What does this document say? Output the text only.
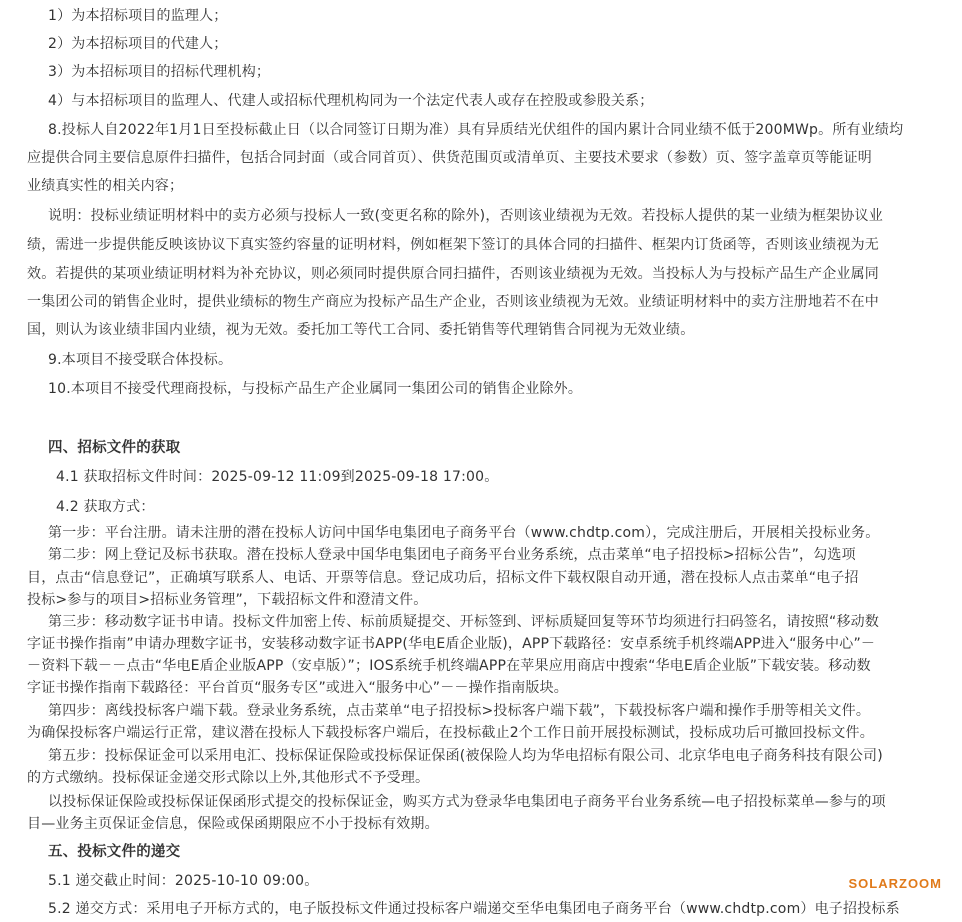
1）为本招标项目的监理人；
2）为本招标项目的代建人；
3）为本招标项目的招标代理机构；
4）与本招标项目的监理人、代建人或招标代理机构同为一个法定代表人或存在控股或参股关系；
8.投标人自2022年1月1日至投标截止日（以合同签订日期为准）具有异质结光伏组件的国内累计合同业绩不低于200MWp。所有业绩均
应提供合同主要信息原件扫描件，包括合同封面（或合同首页）、供货范围页或清单页、主要技术要求（参数）页、签字盖章页等能证明
业绩真实性的相关内容；
说明：投标业绩证明材料中的卖方必须与投标人一致(变更名称的除外)，否则该业绩视为无效。若投标人提供的某一业绩为框架协议业
绩，需进一步提供能反映该协议下真实签约容量的证明材料，例如框架下签订的具体合同的扫描件、框架内订货函等，否则该业绩视为无
效。若提供的某项业绩证明材料为补充协议，则必须同时提供原合同扫描件，否则该业绩视为无效。当投标人为与投标产品生产企业属同
一集团公司的销售企业时，提供业绩标的物生产商应为投标产品生产企业，否则该业绩视为无效。业绩证明材料中的卖方注册地若不在中
国，则认为该业绩非国内业绩，视为无效。委托加工等代工合同、委托销售等代理销售合同视为无效业绩。
9.本项目不接受联合体投标。
10.本项目不接受代理商投标，与投标产品生产企业属同一集团公司的销售企业除外。
四、招标文件的获取
4.1 获取招标文件时间：2025-09-12 11:09到2025-09-18 17:00。
4.2 获取方式：
第一步：平台注册。请未注册的潜在投标人访问中国华电集团电子商务平台（www.chdtp.com），完成注册后，开展相关投标业务。
第二步：网上登记及标书获取。潜在投标人登录中国华电集团电子商务平台业务系统，点击菜单“电子招投标>招标公告”，勾选项
目，点击“信息登记”，正确填写联系人、电话、开票等信息。登记成功后，招标文件下载权限自动开通，潜在投标人点击菜单“电子招
投标>参与的项目>招标业务管理”，下载招标文件和澄清文件。
第三步：移动数字证书申请。投标文件加密上传、标前质疑提交、开标签到、评标质疑回复等环节均须进行扫码签名，请按照“移动数
字证书操作指南”申请办理数字证书，安装移动数字证书APP(华电E盾企业版)，APP下载路径：安卓系统手机终端APP进入“服务中心”－
－资料下载－－点击“华电E盾企业版APP（安卓版）”；IOS系统手机终端APP在苹果应用商店中搜索“华电E盾企业版”下载安装。移动数
字证书操作指南下载路径：平台首页“服务专区”或进入“服务中心”－－操作指南版块。
第四步：离线投标客户端下载。登录业务系统，点击菜单“电子招投标>投标客户端下载”，下载投标客户端和操作手册等相关文件。
为确保投标客户端运行正常，建议潜在投标人下载投标客户端后，在投标截止2个工作日前开展投标测试，投标成功后可撤回投标文件。
第五步：投标保证金可以采用电汇、投标保证保险或投标保证保函(被保险人均为华电招标有限公司、北京华电电子商务科技有限公司)
的方式缴纳。投标保证金递交形式除以上外,其他形式不予受理。
以投标保证保险或投标保证保函形式提交的投标保证金，购买方式为登录华电集团电子商务平台业务系统—电子招投标菜单—参与的项
目—业务主页保证金信息，保险或保函期限应不小于投标有效期。
五、投标文件的递交
5.1 递交截止时间：2025-10-10 09:00。
5.2 递交方式：采用电子开标方式的，电子版投标文件通过投标客户端递交至华电集团电子商务平台（www.chdtp.com）电子招投标系
SOLARZOOM
